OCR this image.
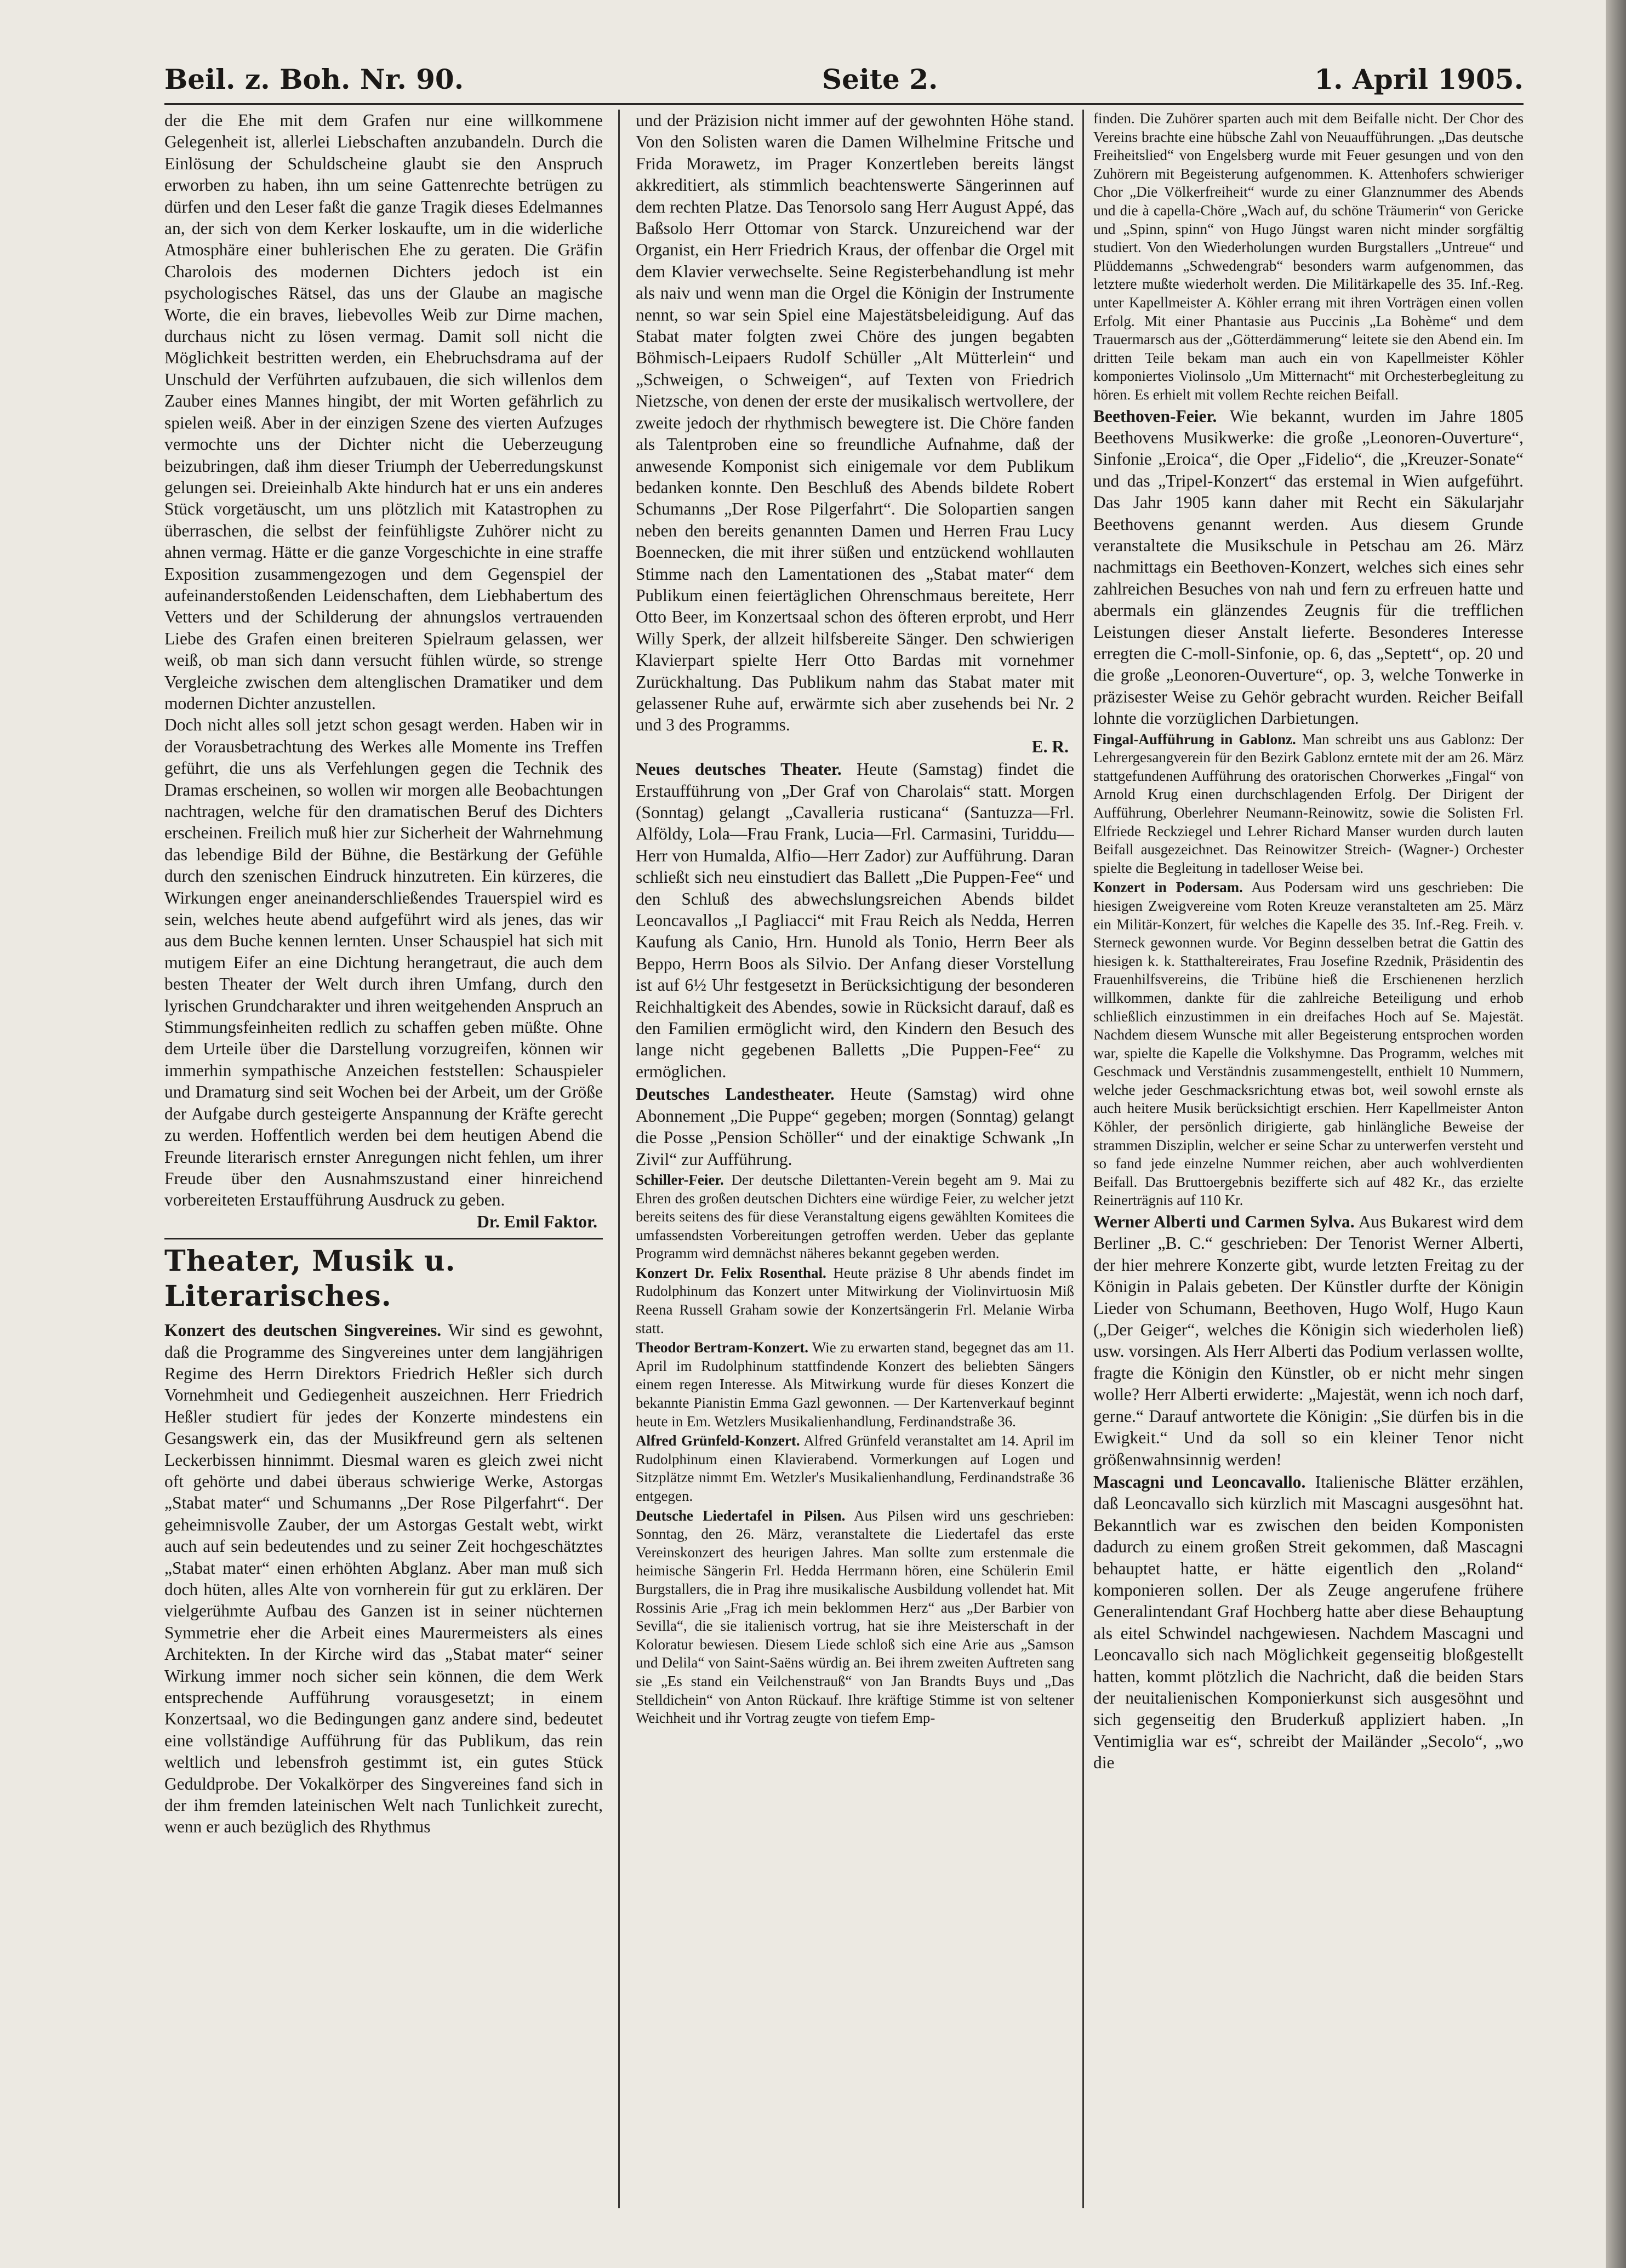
Beil. z. Boh. Nr. 90.	Seite 2.	1. April 1905.

der die Ehe mit dem Grafen nur eine willkommene Gelegenheit ist, allerlei Liebschaften anzubandeln. Durch die Einlösung der Schuldscheine glaubt sie den Anspruch erworben zu haben, ihn um seine Gattenrechte betrügen zu dürfen und den Leser faßt die ganze Tragik dieses Edelmannes an, der sich von dem Kerker loskaufte, um in die widerliche Atmosphäre einer buhlerischen Ehe zu geraten. Die Gräfin Charolois des modernen Dichters jedoch ist ein psychologisches Rätsel, das uns der Glaube an magische Worte, die ein braves, liebevolles Weib zur Dirne machen, durchaus nicht zu lösen vermag. Damit soll nicht die Möglichkeit bestritten werden, ein Ehebruchsdrama auf der Unschuld der Verführten aufzubauen, die sich willenlos dem Zauber eines Mannes hingibt, der mit Worten gefährlich zu spielen weiß. Aber in der einzigen Szene des vierten Aufzuges vermochte uns der Dichter nicht die Ueberzeugung beizubringen, daß ihm dieser Triumph der Ueberredungskunst gelungen sei. Dreieinhalb Akte hindurch hat er uns ein anderes Stück vorgetäuscht, um uns plötzlich mit Katastrophen zu überraschen, die selbst der feinfühligste Zuhörer nicht zu ahnen vermag. Hätte er die ganze Vorgeschichte in eine straffe Exposition zusammengezogen und dem Gegenspiel der aufeinanderstoßenden Leidenschaften, dem Liebhabertum des Vetters und der Schilderung der ahnungslos vertrauenden Liebe des Grafen einen breiteren Spielraum gelassen, wer weiß, ob man sich dann versucht fühlen würde, so strenge Vergleiche zwischen dem altenglischen Dramatiker und dem modernen Dichter anzustellen.

Doch nicht alles soll jetzt schon gesagt werden. Haben wir in der Vorausbetrachtung des Werkes alle Momente ins Treffen geführt, die uns als Verfehlungen gegen die Technik des Dramas erscheinen, so wollen wir morgen alle Beobachtungen nachtragen, welche für den dramatischen Beruf des Dichters erscheinen. Freilich muß hier zur Sicherheit der Wahrnehmung das lebendige Bild der Bühne, die Bestärkung der Gefühle durch den szenischen Eindruck hinzutreten. Ein kürzeres, die Wirkungen enger aneinanderschließendes Trauerspiel wird es sein, welches heute abend aufgeführt wird als jenes, das wir aus dem Buche kennen lernten. Unser Schauspiel hat sich mit mutigem Eifer an eine Dichtung herangetraut, die auch dem besten Theater der Welt durch ihren Umfang, durch den lyrischen Grundcharakter und ihren weitgehenden Anspruch an Stimmungsfeinheiten redlich zu schaffen geben müßte. Ohne dem Urteile über die Darstellung vorzugreifen, können wir immerhin sympathische Anzeichen feststellen: Schauspieler und Dramaturg sind seit Wochen bei der Arbeit, um der Größe der Aufgabe durch gesteigerte Anspannung der Kräfte gerecht zu werden. Hoffentlich werden bei dem heutigen Abend die Freunde literarisch ernster Anregungen nicht fehlen, um ihrer Freude über den Ausnahmszustand einer hinreichend vorbereiteten Erstaufführung Ausdruck zu geben.

Dr. Emil Faktor.

Theater, Musik u. Literarisches.

Konzert des deutschen Singvereines. Wir sind es gewohnt, daß die Programme des Singvereines unter dem langjährigen Regime des Herrn Direktors Friedrich Heßler sich durch Vornehmheit und Gediegenheit auszeichnen. Herr Friedrich Heßler studiert für jedes der Konzerte mindestens ein Gesangswerk ein, das der Musikfreund gern als seltenen Leckerbissen hinnimmt. Diesmal waren es gleich zwei nicht oft gehörte und dabei überaus schwierige Werke, Astorgas „Stabat mater“ und Schumanns „Der Rose Pilgerfahrt“. Der geheimnisvolle Zauber, der um Astorgas Gestalt webt, wirkt auch auf sein bedeutendes und zu seiner Zeit hochgeschätztes „Stabat mater“ einen erhöhten Abglanz. Aber man muß sich doch hüten, alles Alte von vornherein für gut zu erklären. Der vielgerühmte Aufbau des Ganzen ist in seiner nüchternen Symmetrie eher die Arbeit eines Maurermeisters als eines Architekten. In der Kirche wird das „Stabat mater“ seiner Wirkung immer noch sicher sein können, die dem Werk entsprechende Aufführung vorausgesetzt; in einem Konzertsaal, wo die Bedingungen ganz andere sind, bedeutet eine vollständige Aufführung für das Publikum, das rein weltlich und lebensfroh gestimmt ist, ein gutes Stück Geduldprobe. Der Vokalkörper des Singvereines fand sich in der ihm fremden lateinischen Welt nach Tunlichkeit zurecht, wenn er auch bezüglich des Rhythmus

und der Präzision nicht immer auf der gewohnten Höhe stand. Von den Solisten waren die Damen Wilhelmine Fritsche und Frida Morawetz, im Prager Konzertleben bereits längst akkreditiert, als stimmlich beachtenswerte Sängerinnen auf dem rechten Platze. Das Tenorsolo sang Herr August Appé, das Baßsolo Herr Ottomar von Starck. Unzureichend war der Organist, ein Herr Friedrich Kraus, der offenbar die Orgel mit dem Klavier verwechselte. Seine Registerbehandlung ist mehr als naiv und wenn man die Orgel die Königin der Instrumente nennt, so war sein Spiel eine Majestätsbeleidigung. Auf das Stabat mater folgten zwei Chöre des jungen begabten Böhmisch-Leipaers Rudolf Schüller „Alt Mütterlein“ und „Schweigen, o Schweigen“, auf Texten von Friedrich Nietzsche, von denen der erste der musikalisch wertvollere, der zweite jedoch der rhythmisch bewegtere ist. Die Chöre fanden als Talentproben eine so freundliche Aufnahme, daß der anwesende Komponist sich einigemale vor dem Publikum bedanken konnte. Den Beschluß des Abends bildete Robert Schumanns „Der Rose Pilgerfahrt“. Die Solopartien sangen neben den bereits genannten Damen und Herren Frau Lucy Boennecken, die mit ihrer süßen und entzückend wohllauten Stimme nach den Lamentationen des „Stabat mater“ dem Publikum einen feiertäglichen Ohrenschmaus bereitete, Herr Otto Beer, im Konzertsaal schon des öfteren erprobt, und Herr Willy Sperk, der allzeit hilfsbereite Sänger. Den schwierigen Klavierpart spielte Herr Otto Bardas mit vornehmer Zurückhaltung. Das Publikum nahm das Stabat mater mit gelassener Ruhe auf, erwärmte sich aber zusehends bei Nr. 2 und 3 des Programms.

E. R.

Neues deutsches Theater. Heute (Samstag) findet die Erstaufführung von „Der Graf von Charolais“ statt. Morgen (Sonntag) gelangt „Cavalleria rusticana“ (Santuzza—Frl. Alföldy, Lola—Frau Frank, Lucia—Frl. Carmasini, Turiddu—Herr von Humalda, Alfio—Herr Zador) zur Aufführung. Daran schließt sich neu einstudiert das Ballett „Die Puppen-Fee“ und den Schluß des abwechslungsreichen Abends bildet Leoncavallos „I Pagliacci“ mit Frau Reich als Nedda, Herren Kaufung als Canio, Hrn. Hunold als Tonio, Herrn Beer als Beppo, Herrn Boos als Silvio. Der Anfang dieser Vorstellung ist auf 6½ Uhr festgesetzt in Berücksichtigung der besonderen Reichhaltigkeit des Abendes, sowie in Rücksicht darauf, daß es den Familien ermöglicht wird, den Kindern den Besuch des lange nicht gegebenen Balletts „Die Puppen-Fee“ zu ermöglichen.

Deutsches Landestheater. Heute (Samstag) wird ohne Abonnement „Die Puppe“ gegeben; morgen (Sonntag) gelangt die Posse „Pension Schöller“ und der einaktige Schwank „In Zivil“ zur Aufführung.

Schiller-Feier. Der deutsche Dilettanten-Verein begeht am 9. Mai zu Ehren des großen deutschen Dichters eine würdige Feier, zu welcher jetzt bereits seitens des für diese Veranstaltung eigens gewählten Komitees die umfassendsten Vorbereitungen getroffen werden. Ueber das geplante Programm wird demnächst näheres bekannt gegeben werden.

Konzert Dr. Felix Rosenthal. Heute präzise 8 Uhr abends findet im Rudolphinum das Konzert unter Mitwirkung der Violinvirtuosin Miß Reena Russell Graham sowie der Konzertsängerin Frl. Melanie Wirba statt.

Theodor Bertram-Konzert. Wie zu erwarten stand, begegnet das am 11. April im Rudolphinum stattfindende Konzert des beliebten Sängers einem regen Interesse. Als Mitwirkung wurde für dieses Konzert die bekannte Pianistin Emma Gazl gewonnen. — Der Kartenverkauf beginnt heute in Em. Wetzlers Musikalienhandlung, Ferdinandstraße 36.

Alfred Grünfeld-Konzert. Alfred Grünfeld veranstaltet am 14. April im Rudolphinum einen Klavierabend. Vormerkungen auf Logen und Sitzplätze nimmt Em. Wetzler's Musikalienhandlung, Ferdinandstraße 36 entgegen.

Deutsche Liedertafel in Pilsen. Aus Pilsen wird uns geschrieben: Sonntag, den 26. März, veranstaltete die Liedertafel das erste Vereinskonzert des heurigen Jahres. Man sollte zum erstenmale die heimische Sängerin Frl. Hedda Herrmann hören, eine Schülerin Emil Burgstallers, die in Prag ihre musikalische Ausbildung vollendet hat. Mit Rossinis Arie „Frag ich mein beklommen Herz“ aus „Der Barbier von Sevilla“, die sie italienisch vortrug, hat sie ihre Meisterschaft in der Koloratur bewiesen. Diesem Liede schloß sich eine Arie aus „Samson und Delila“ von Saint-Saëns würdig an. Bei ihrem zweiten Auftreten sang sie „Es stand ein Veilchenstrauß“ von Jan Brandts Buys und „Das Stelldichein“ von Anton Rückauf. Ihre kräftige Stimme ist von seltener Weichheit und ihr Vortrag zeugte von tiefem Emp-

finden. Die Zuhörer sparten auch mit dem Beifalle nicht. Der Chor des Vereins brachte eine hübsche Zahl von Neuaufführungen. „Das deutsche Freiheitslied“ von Engelsberg wurde mit Feuer gesungen und von den Zuhörern mit Begeisterung aufgenommen. K. Attenhofers schwieriger Chor „Die Völkerfreiheit“ wurde zu einer Glanznummer des Abends und die à capella-Chöre „Wach auf, du schöne Träumerin“ von Gericke und „Spinn, spinn“ von Hugo Jüngst waren nicht minder sorgfältig studiert. Von den Wiederholungen wurden Burgstallers „Untreue“ und Plüddemanns „Schwedengrab“ besonders warm aufgenommen, das letztere mußte wiederholt werden. Die Militärkapelle des 35. Inf.-Reg. unter Kapellmeister A. Köhler errang mit ihren Vorträgen einen vollen Erfolg. Mit einer Phantasie aus Puccinis „La Bohème“ und dem Trauermarsch aus der „Götterdämmerung“ leitete sie den Abend ein. Im dritten Teile bekam man auch ein von Kapellmeister Köhler komponiertes Violinsolo „Um Mitternacht“ mit Orchesterbegleitung zu hören. Es erhielt mit vollem Rechte reichen Beifall.

Beethoven-Feier. Wie bekannt, wurden im Jahre 1805 Beethovens Musikwerke: die große „Leonoren-Ouverture“, Sinfonie „Eroica“, die Oper „Fidelio“, die „Kreuzer-Sonate“ und das „Tripel-Konzert“ das erstemal in Wien aufgeführt. Das Jahr 1905 kann daher mit Recht ein Säkularjahr Beethovens genannt werden. Aus diesem Grunde veranstaltete die Musikschule in Petschau am 26. März nachmittags ein Beethoven-Konzert, welches sich eines sehr zahlreichen Besuches von nah und fern zu erfreuen hatte und abermals ein glänzendes Zeugnis für die trefflichen Leistungen dieser Anstalt lieferte. Besonderes Interesse erregten die C-moll-Sinfonie, op. 6, das „Septett“, op. 20 und die große „Leonoren-Ouverture“, op. 3, welche Tonwerke in präzisester Weise zu Gehör gebracht wurden. Reicher Beifall lohnte die vorzüglichen Darbietungen.

Fingal-Aufführung in Gablonz. Man schreibt uns aus Gablonz: Der Lehrergesangverein für den Bezirk Gablonz erntete mit der am 26. März stattgefundenen Aufführung des oratorischen Chorwerkes „Fingal“ von Arnold Krug einen durchschlagenden Erfolg. Der Dirigent der Aufführung, Oberlehrer Neumann-Reinowitz, sowie die Solisten Frl. Elfriede Reckziegel und Lehrer Richard Manser wurden durch lauten Beifall ausgezeichnet. Das Reinowitzer Streich- (Wagner-) Orchester spielte die Begleitung in tadelloser Weise bei.

Konzert in Podersam. Aus Podersam wird uns geschrieben: Die hiesigen Zweigvereine vom Roten Kreuze veranstalteten am 25. März ein Militär-Konzert, für welches die Kapelle des 35. Inf.-Reg. Freih. v. Sterneck gewonnen wurde. Vor Beginn desselben betrat die Gattin des hiesigen k. k. Statthaltereirates, Frau Josefine Rzednik, Präsidentin des Frauenhilfsvereins, die Tribüne hieß die Erschienenen herzlich willkommen, dankte für die zahlreiche Beteiligung und erhob schließlich einzustimmen in ein dreifaches Hoch auf Se. Majestät. Nachdem diesem Wunsche mit aller Begeisterung entsprochen worden war, spielte die Kapelle die Volkshymne. Das Programm, welches mit Geschmack und Verständnis zusammengestellt, enthielt 10 Nummern, welche jeder Geschmacksrichtung etwas bot, weil sowohl ernste als auch heitere Musik berücksichtigt erschien. Herr Kapellmeister Anton Köhler, der persönlich dirigierte, gab hinlängliche Beweise der strammen Disziplin, welcher er seine Schar zu unterwerfen versteht und so fand jede einzelne Nummer reichen, aber auch wohlverdienten Beifall. Das Bruttoergebnis bezifferte sich auf 482 Kr., das erzielte Reinerträgnis auf 110 Kr.

Werner Alberti und Carmen Sylva. Aus Bukarest wird dem Berliner „B. C.“ geschrieben: Der Tenorist Werner Alberti, der hier mehrere Konzerte gibt, wurde letzten Freitag zu der Königin in Palais gebeten. Der Künstler durfte der Königin Lieder von Schumann, Beethoven, Hugo Wolf, Hugo Kaun („Der Geiger“, welches die Königin sich wiederholen ließ) usw. vorsingen. Als Herr Alberti das Podium verlassen wollte, fragte die Königin den Künstler, ob er nicht mehr singen wolle? Herr Alberti erwiderte: „Majestät, wenn ich noch darf, gerne.“ Darauf antwortete die Königin: „Sie dürfen bis in die Ewigkeit.“ Und da soll so ein kleiner Tenor nicht größenwahnsinnig werden!

Mascagni und Leoncavallo. Italienische Blätter erzählen, daß Leoncavallo sich kürzlich mit Mascagni ausgesöhnt hat. Bekanntlich war es zwischen den beiden Komponisten dadurch zu einem großen Streit gekommen, daß Mascagni behauptet hatte, er hätte eigentlich den „Roland“ komponieren sollen. Der als Zeuge angerufene frühere Generalintendant Graf Hochberg hatte aber diese Behauptung als eitel Schwindel nachgewiesen. Nachdem Mascagni und Leoncavallo sich nach Möglichkeit gegenseitig bloßgestellt hatten, kommt plötzlich die Nachricht, daß die beiden Stars der neuitalienischen Komponierkunst sich ausgesöhnt und sich gegenseitig den Bruderkuß appliziert haben. „In Ventimiglia war es“, schreibt der Mailänder „Secolo“, „wo die
